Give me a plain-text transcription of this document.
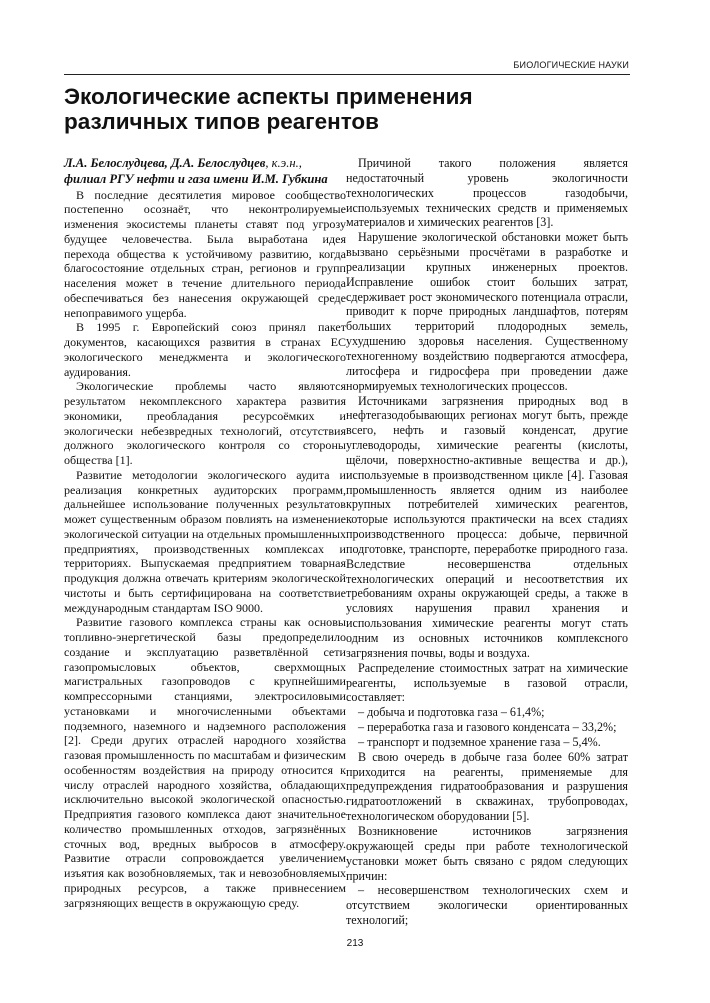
БИОЛОГИЧЕСКИЕ НАУКИ
Экологические аспекты применения
различных типов реагентов

Л.А. Белослудцева, Д.А. Белослудцев, к.э.н.,
филиал РГУ нефти и газа имени И.М. Губкина

В последние десятилетия мировое сообщество постепенно осознаёт, что неконтролируемые изменения экосистемы планеты ставят под угрозу будущее человечества. Была выработана идея перехода общества к устойчивому развитию, когда благосостояние отдельных стран, регионов и групп населения может в течение длительного периода обеспечиваться без нанесения окружающей среде непоправимого ущерба.

В 1995 г. Европейский союз принял пакет документов, касающихся развития в странах ЕС экологического менеджмента и экологического аудирования.

Экологические проблемы часто являются результатом некомплексного характера развития экономики, преобладания ресурсоёмких и экологически небезвредных технологий, отсутствия должного экологического контроля со стороны общества [1].

Развитие методологии экологического аудита и реализация конкретных аудиторских программ, дальнейшее использование полученных результатов может существенным образом повлиять на изменение экологической ситуации на отдельных промышленных предприятиях, производственных комплексах и территориях. Выпускаемая предприятием товарная продукция должна отвечать критериям экологической чистоты и быть сертифицирована на соответствие международным стандартам ISO 9000.

Развитие газового комплекса страны как основы топливно-энергетической базы предопределило создание и эксплуатацию разветвлённой сети газопромысловых объектов, сверхмощных магистральных газопроводов с крупнейшими компрессорными станциями, электросиловыми установками и многочисленными объектами подземного, наземного и надземного расположения [2]. Среди других отраслей народного хозяйства газовая промышленность по масштабам и физическим особенностям воздействия на природу относится к числу отраслей народного хозяйства, обладающих исключительно высокой экологической опасностью. Предприятия газового комплекса дают значительное количество промышленных отходов, загрязнённых сточных вод, вредных выбросов в атмосферу. Развитие отрасли сопровождается увеличением изъятия как возобновляемых, так и невозобновляемых природных ресурсов, а также привнесением загрязняющих веществ в окружающую среду.

Причиной такого положения является недостаточный уровень экологичности технологических процессов газодобычи, используемых технических средств и применяемых материалов и химических реагентов [3].

Нарушение экологической обстановки может быть вызвано серьёзными просчётами в разработке и реализации крупных инженерных проектов. Исправление ошибок стоит больших затрат, сдерживает рост экономического потенциала отрасли, приводит к порче природных ландшафтов, потерям больших территорий плодородных земель, ухудшению здоровья населения. Существенному техногенному воздействию подвергаются атмосфера, литосфера и гидросфера при проведении даже нормируемых технологических процессов.

Источниками загрязнения природных вод в нефтегазодобывающих регионах могут быть, прежде всего, нефть и газовый конденсат, другие углеводороды, химические реагенты (кислоты, щёлочи, поверхностно-активные вещества и др.), используемые в производственном цикле [4]. Газовая промышленность является одним из наиболее крупных потребителей химических реагентов, которые используются практически на всех стадиях производственного процесса: добыче, первичной подготовке, транспорте, переработке природного газа. Вследствие несовершенства отдельных технологических операций и несоответствия их требованиям охраны окружающей среды, а также в условиях нарушения правил хранения и использования химические реагенты могут стать одним из основных источников комплексного загрязнения почвы, воды и воздуха.

Распределение стоимостных затрат на химические реагенты, используемые в газовой отрасли, составляет:

– добыча и подготовка газа – 61,4%;

– переработка газа и газового конденсата – 33,2%;

– транспорт и подземное хранение газа – 5,4%.

В свою очередь в добыче газа более 60% затрат приходится на реагенты, применяемые для предупреждения гидратообразования и разрушения гидратоотложений в скважинах, трубопроводах, технологическом оборудовании [5].

Возникновение источников загрязнения окружающей среды при работе технологической установки может быть связано с рядом следующих причин:

– несовершенством технологических схем и отсутствием экологически ориентированных технологий;

213
